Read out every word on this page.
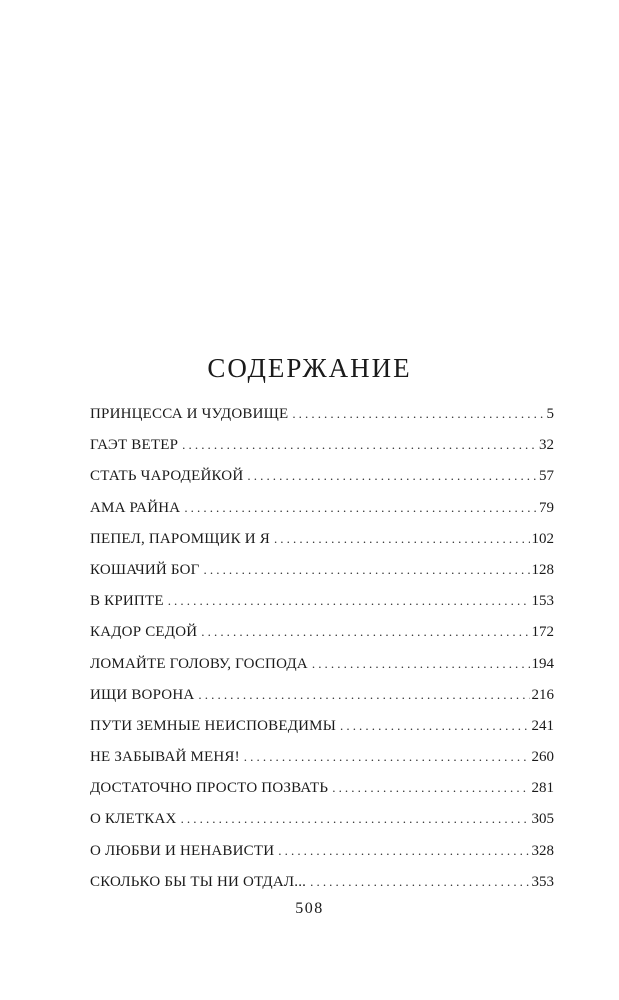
СОДЕРЖАНИЕ
ПРИНЦЕССА И ЧУДОВИЩЕ .....	5
ГАЭТ ВЕТЕР .....	32
СТАТЬ ЧАРОДЕЙКОЙ .....	57
АМА РАЙНА .....	79
ПЕПЕЛ, ПАРОМЩИК И Я .....	102
КОШАЧИЙ БОГ .....	128
В КРИПТЕ .....	153
КАДОР СЕДОЙ .....	172
ЛОМАЙТЕ ГОЛОВУ, ГОСПОДА .....	194
ИЩИ ВОРОНА .....	216
ПУТИ ЗЕМНЫЕ НЕИСПОВЕДИМЫ .....	241
НЕ ЗАБЫВАЙ МЕНЯ! .....	260
ДОСТАТОЧНО ПРОСТО ПОЗВАТЬ .....	281
О КЛЕТКАХ .....	305
О ЛЮБВИ И НЕНАВИСТИ .....	328
СКОЛЬКО БЫ ТЫ НИ ОТДАЛ... .....	353
508
